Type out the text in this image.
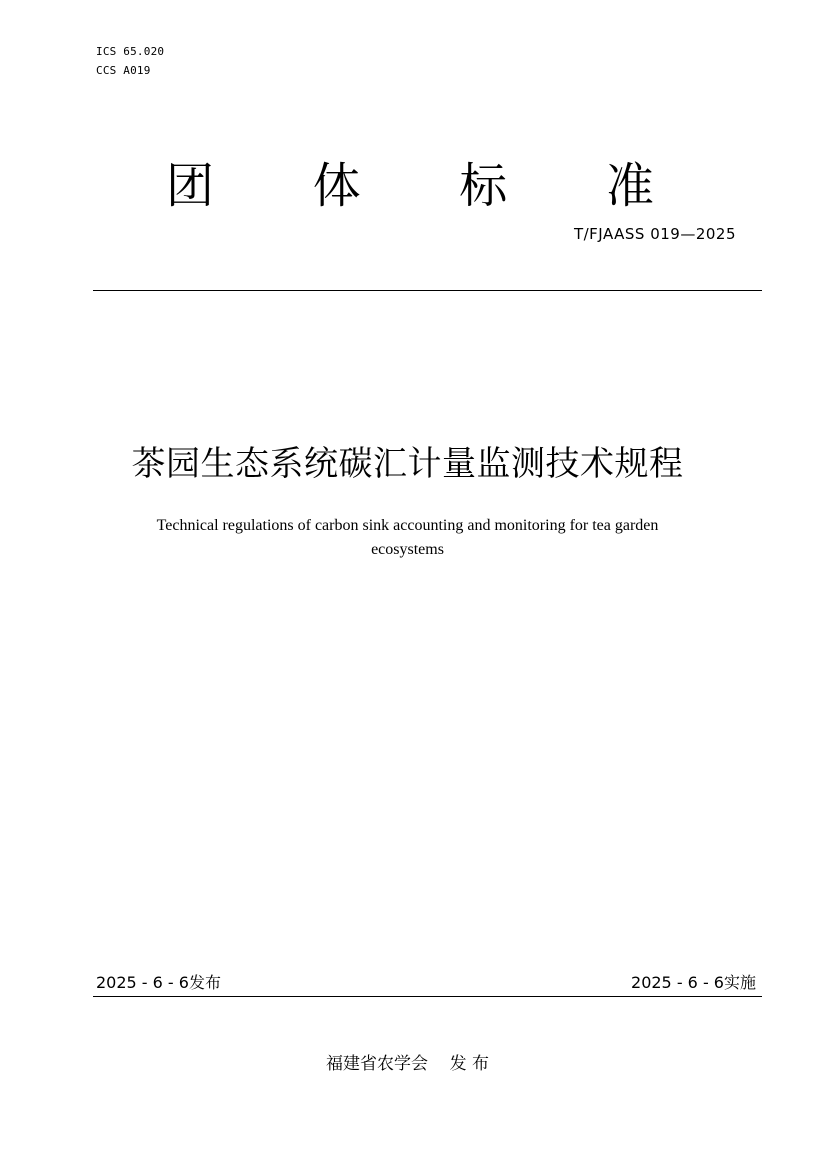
ICS 65.020
CCS A019
团	体	标	准
T/FJAASS 019—2025
茶园生态系统碳汇计量监测技术规程
Technical regulations of carbon sink accounting and monitoring for tea garden
ecosystems
2025 - 6 - 6发布	2025 - 6 - 6实施
福建省农学会    发 布
